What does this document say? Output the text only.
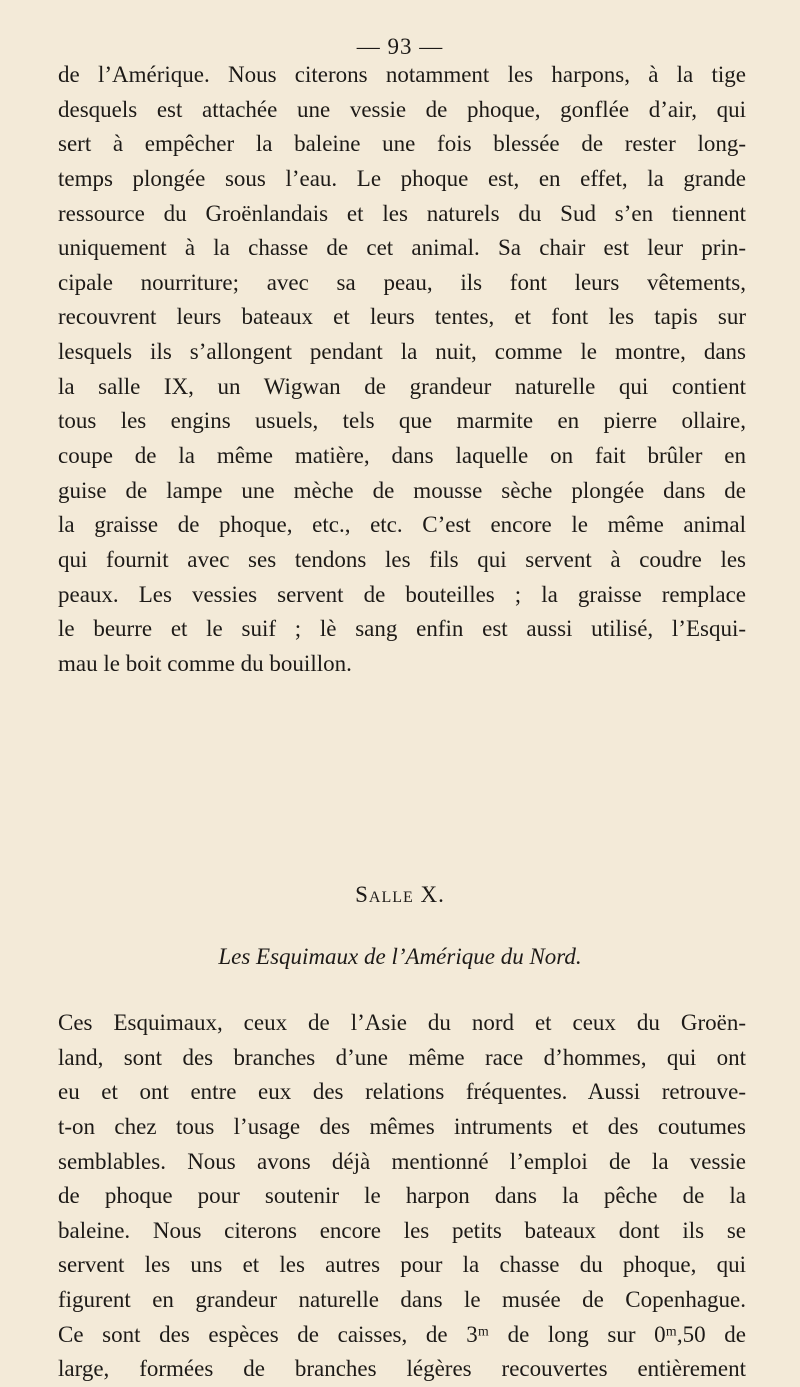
— 93 —
de l’Amérique. Nous citerons notamment les harpons, à la tige
desquels est attachée une vessie de phoque, gonflée d’air, qui
sert à empêcher la baleine une fois blessée de rester long-
temps plongée sous l’eau. Le phoque est, en effet, la grande
ressource du Groënlandais et les naturels du Sud s’en tiennent
uniquement à la chasse de cet animal. Sa chair est leur prin-
cipale nourriture; avec sa peau, ils font leurs vêtements,
recouvrent leurs bateaux et leurs tentes, et font les tapis sur
lesquels ils s’allongent pendant la nuit, comme le montre, dans
la salle IX, un Wigwan de grandeur naturelle qui contient
tous les engins usuels, tels que marmite en pierre ollaire,
coupe de la même matière, dans laquelle on fait brûler en
guise de lampe une mèche de mousse sèche plongée dans de
la graisse de phoque, etc., etc. C’est encore le même animal
qui fournit avec ses tendons les fils qui servent à coudre les
peaux. Les vessies servent de bouteilles ; la graisse remplace
le beurre et le suif ; lè sang enfin est aussi utilisé, l’Esqui-
mau le boit comme du bouillon.
Salle X.
Les Esquimaux de l’Amérique du Nord.
Ces Esquimaux, ceux de l’Asie du nord et ceux du Groën-
land, sont des branches d’une même race d’hommes, qui ont
eu et ont entre eux des relations fréquentes. Aussi retrouve-
t-on chez tous l’usage des mêmes intruments et des coutumes
semblables. Nous avons déjà mentionné l’emploi de la vessie
de phoque pour soutenir le harpon dans la pêche de la
baleine. Nous citerons encore les petits bateaux dont ils se
servent les uns et les autres pour la chasse du phoque, qui
figurent en grandeur naturelle dans le musée de Copenhague.
Ce sont des espèces de caisses, de 3ᵐ de long sur 0ᵐ,50 de
large, formées de branches légères recouvertes entièrement
